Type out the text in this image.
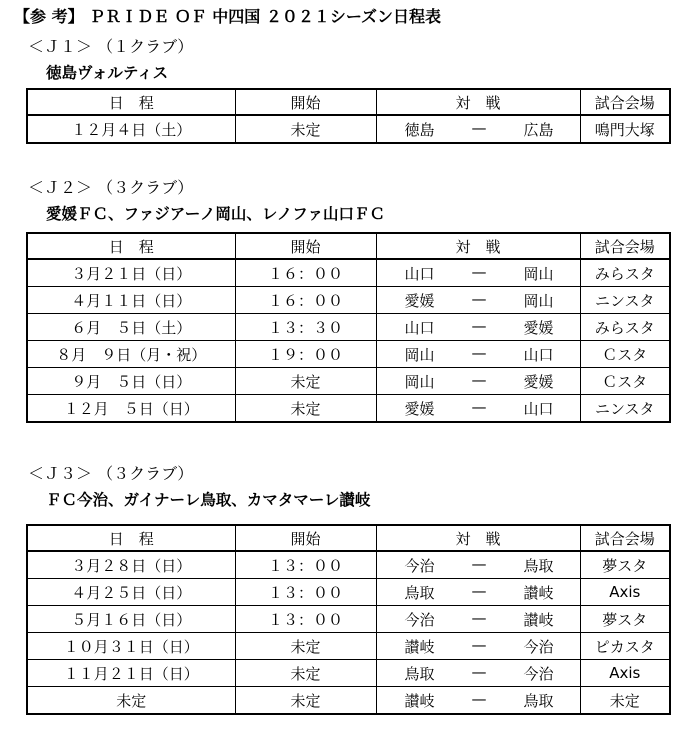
【参 考】 ＰＲＩＤＥ ＯＦ 中四国 ２０２１シーズン日程表
＜Ｊ１＞ （１クラブ）
徳島ヴォルティス
日　程	開始	対　戦	試合会場
１２月４日（土）	未定	徳島 — 広島	鳴門大塚
＜Ｊ２＞ （３クラブ）
愛媛ＦＣ、ファジアーノ岡山、レノファ山口ＦＣ
日　程	開始	対　戦	試合会場
３月２１日（日）	１６：００	山口 — 岡山	みらスタ
４月１１日（日）	１６：００	愛媛 — 岡山	ニンスタ
６月　５日（土）	１３：３０	山口 — 愛媛	みらスタ
８月　９日（月・祝）	１９：００	岡山 — 山口	Ｃスタ
９月　５日（日）	未定	岡山 — 愛媛	Ｃスタ
１２月　５日（日）	未定	愛媛 — 山口	ニンスタ
＜Ｊ３＞ （３クラブ）
ＦＣ今治、ガイナーレ鳥取、カマタマーレ讃岐
日　程	開始	対　戦	試合会場
３月２８日（日）	１３：００	今治 — 鳥取	夢スタ
４月２５日（日）	１３：００	鳥取 — 讃岐	Axis
５月１６日（日）	１３：００	今治 — 讃岐	夢スタ
１０月３１日（日）	未定	讃岐 — 今治	ピカスタ
１１月２１日（日）	未定	鳥取 — 今治	Axis
未定	未定	讃岐 — 鳥取	未定
